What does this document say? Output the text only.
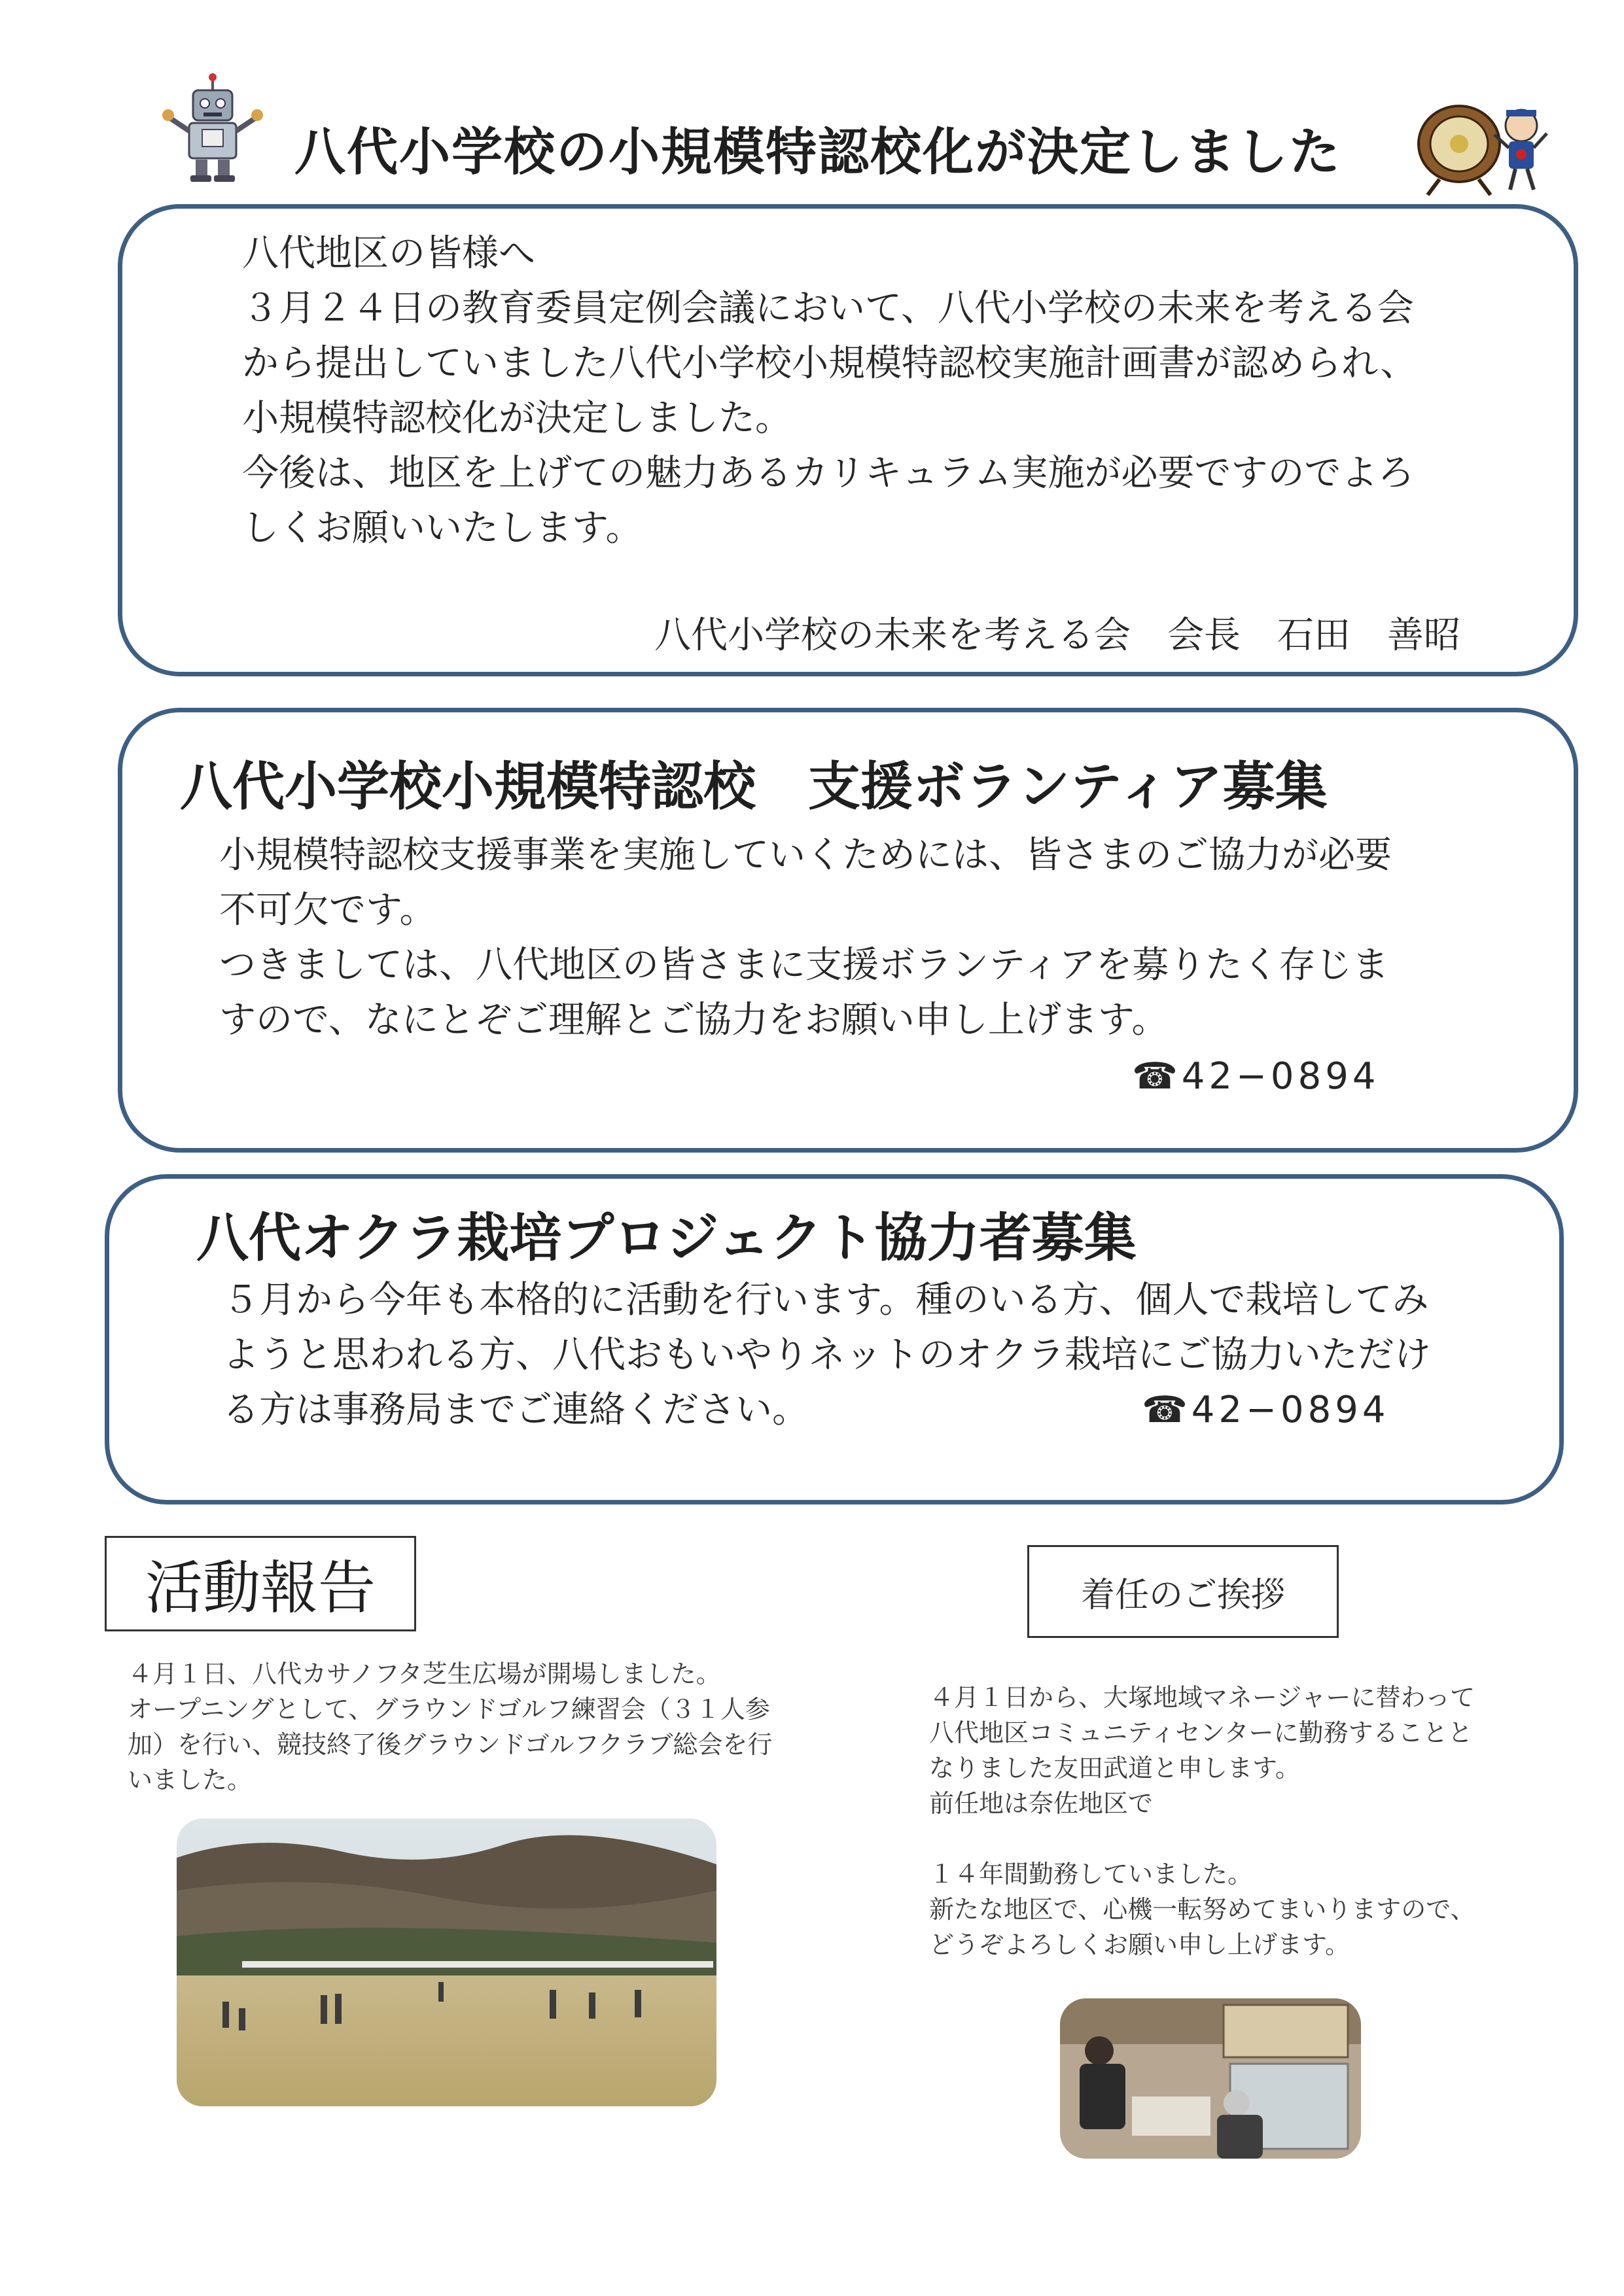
八代小学校の小規模特認校化が決定しました
八代地区の皆様へ
３月２４日の教育委員定例会議において、八代小学校の未来を考える会
から提出していました八代小学校小規模特認校実施計画書が認められ、
小規模特認校化が決定しました。
今後は、地区を上げての魅力あるカリキュラム実施が必要ですのでよろ
しくお願いいたします。
八代小学校の未来を考える会　会長　石田　善昭
八代小学校小規模特認校　支援ボランティア募集
小規模特認校支援事業を実施していくためには、皆さまのご協力が必要
不可欠です。
つきましては、八代地区の皆さまに支援ボランティアを募りたく存じま
すので、なにとぞご理解とご協力をお願い申し上げます。
☎42−0894
八代オクラ栽培プロジェクト協力者募集
５月から今年も本格的に活動を行います。種のいる方、個人で栽培してみ
ようと思われる方、八代おもいやりネットのオクラ栽培にご協力いただけ
る方は事務局までご連絡ください。	☎42−0894
活動報告
４月１日、八代カサノフタ芝生広場が開場しました。
オープニングとして、グラウンドゴルフ練習会（３１人参
加）を行い、競技終了後グラウンドゴルフクラブ総会を行
いました。
着任のご挨拶
４月１日から、大塚地域マネージャーに替わって
八代地区コミュニティセンターに勤務することと
なりました友田武道と申します。
前任地は奈佐地区で
１４年間勤務していました。
新たな地区で、心機一転努めてまいりますので、
どうぞよろしくお願い申し上げます。
